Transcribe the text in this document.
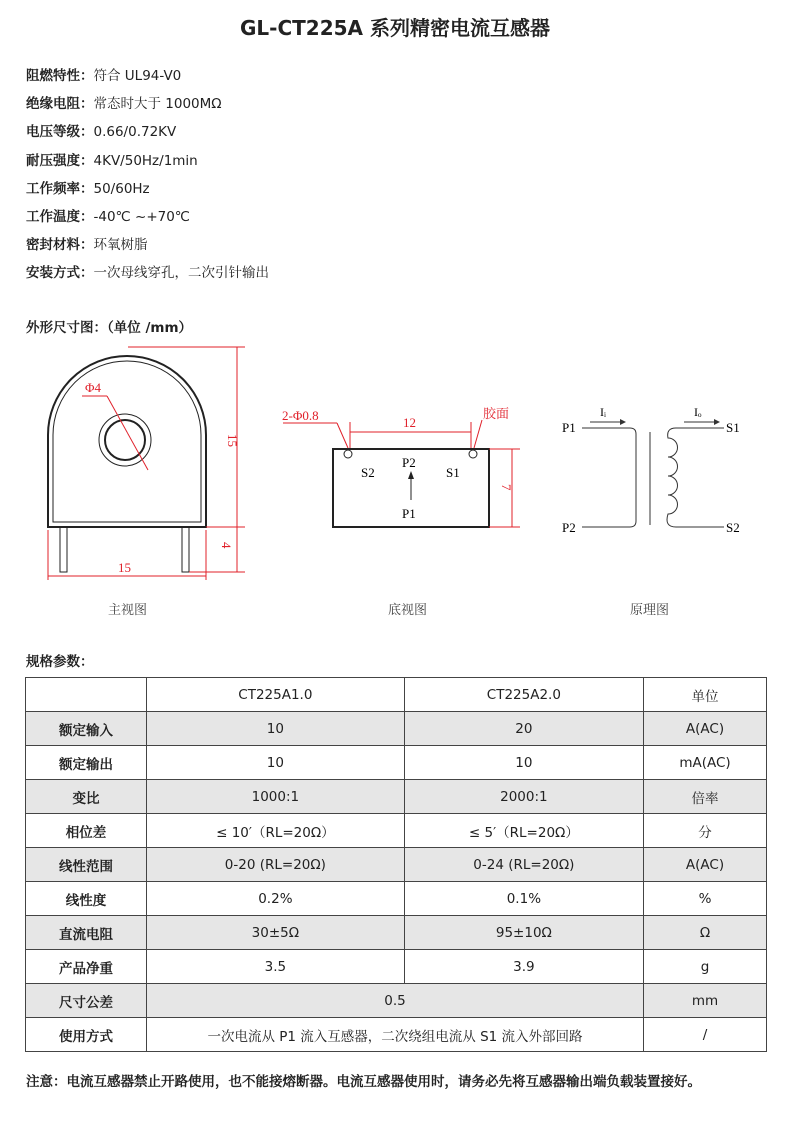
GL-CT225A 系列精密电流互感器
阻燃特性：符合 UL94-V0
绝缘电阻：常态时大于 1000MΩ
电压等级：0.66/0.72KV
耐压强度：4KV/50Hz/1min
工作频率：50/60Hz
工作温度：-40℃ ~+70℃
密封材料：环氧树脂
安装方式：一次母线穿孔，二次引针输出
外形尺寸图：（单位 /mm）
Φ4
15
4
15
主视图
2-Φ0.8	12
胶面
7
S2	S1
P2
P1
底视图
P1
P2
S1
S2
Iᵢ	Iₒ
原理图
规格参数：
	CT225A1.0	CT225A2.0	单位
额定输入	10	20	A(AC)
额定输出	10	10	mA(AC)
变比	1000:1	2000:1	倍率
相位差	≤ 10′（RL=20Ω）	≤ 5′（RL=20Ω）	分
线性范围	0-20 (RL=20Ω)	0-24 (RL=20Ω)	A(AC)
线性度	0.2%	0.1%	%
直流电阻	30±5Ω	95±10Ω	Ω
产品净重	3.5	3.9	g
尺寸公差	0.5		mm
使用方式	一次电流从 P1 流入互感器，二次绕组电流从 S1 流入外部回路		/
注意：电流互感器禁止开路使用，也不能接熔断器。电流互感器使用时，请务必先将互感器输出端负载装置接好。
